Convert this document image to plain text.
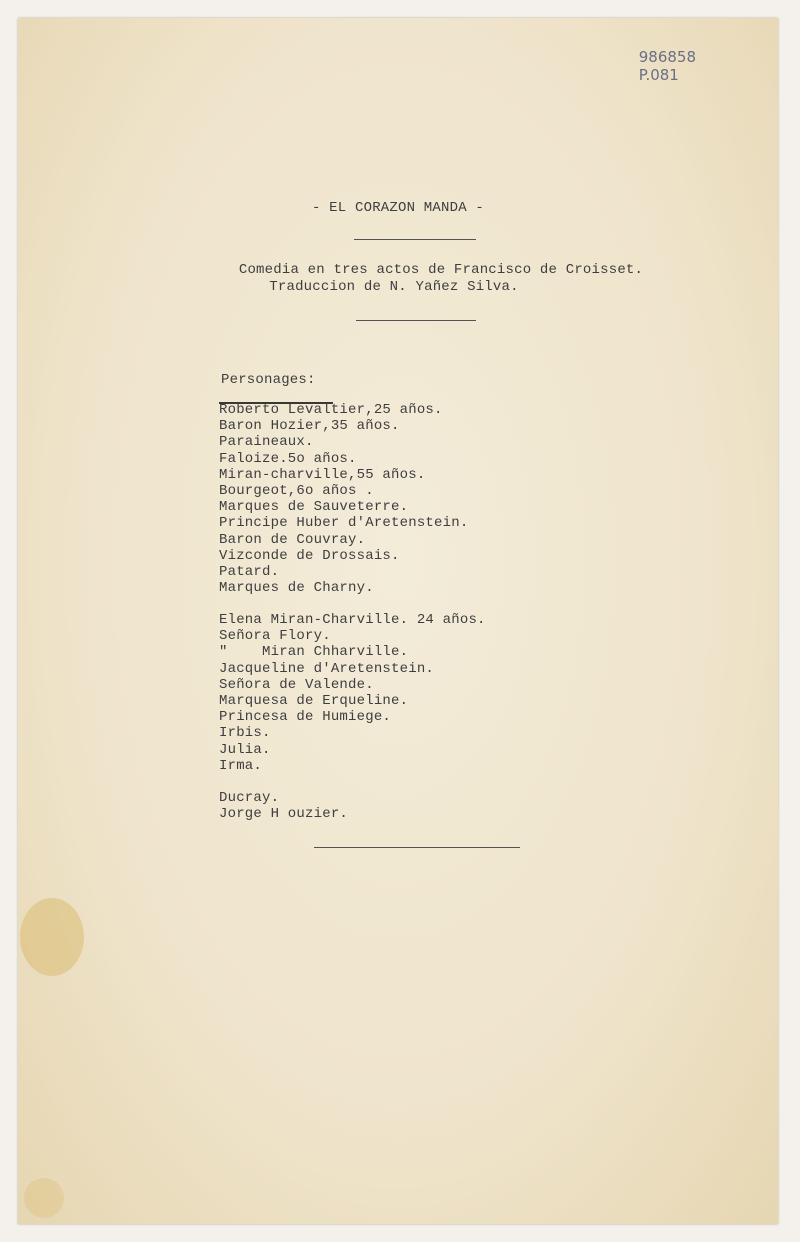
986858
P.081
- EL CORAZON MANDA -
Comedia en tres actos de Francisco de Croisset.
Traduccion de N. Yañez Silva.
Personages:
Roberto Levaltier,25 años.
Baron Hozier,35 años.
Paraineaux.
Faloize.5o años.
Miran-charville,55 años.
Bourgeot,6o años .
Marques de Sauveterre.
Principe Huber d'Aretenstein.
Baron de Couvray.
Vizconde de Drossais.
Patard.
Marques de Charny.
Elena Miran-Charville. 24 años.
Señora Flory.
"    Miran Chharville.
Jacqueline d'Aretenstein.
Señora de Valende.
Marquesa de Erqueline.
Princesa de Humiege.
Irbis.
Julia.
Irma.
Ducray.
Jorge H ouzier.
